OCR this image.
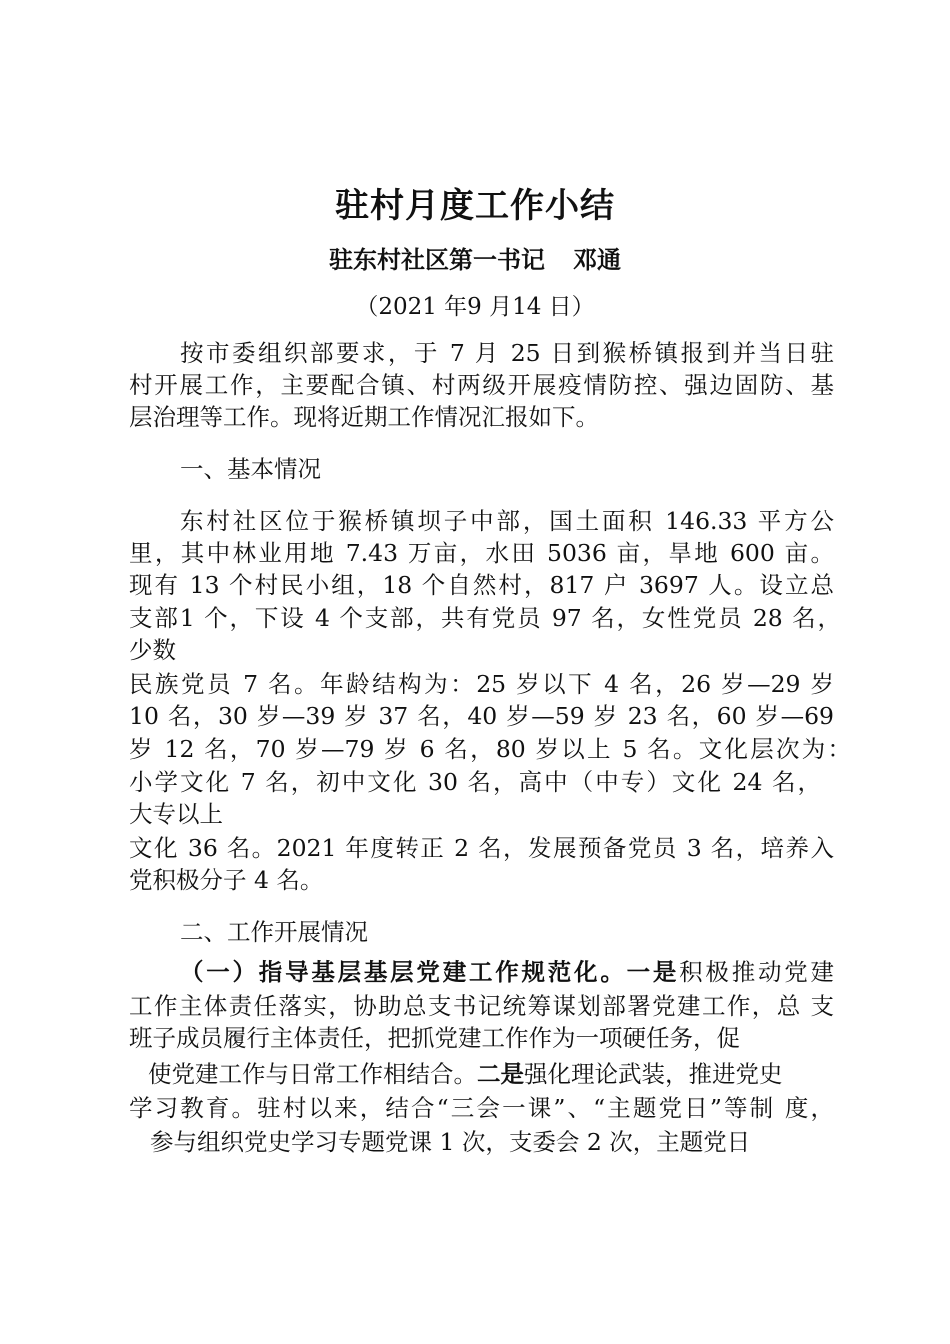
驻村月度工作小结
驻东村社区第一书记 邓通
（2021 年9 月14 日）
按市委组织部要求，于 7 月 25 日到猴桥镇报到并当日驻
村开展工作，主要配合镇、村两级开展疫情防控、强边固防、基
层治理等工作。现将近期工作情况汇报如下。
一、基本情况
东村社区位于猴桥镇坝子中部，国土面积 146.33 平方公
里，其中林业用地 7.43 万亩，水田 5036 亩，旱地 600 亩。
现有 13 个村民小组，18 个自然村，817 户 3697 人。设立总
支部1 个，下设 4 个支部，共有党员 97 名，女性党员 28 名，
少数
民族党员 7 名。年龄结构为：25 岁以下 4 名，26 岁—29 岁
10 名，30 岁—39 岁 37 名，40 岁—59 岁 23 名，60 岁—69
岁 12 名，70 岁—79 岁 6 名，80 岁以上 5 名。文化层次为：
小学文化 7 名，初中文化 30 名，高中（中专）文化 24 名，
大专以上
文化 36 名。2021 年度转正 2 名，发展预备党员 3 名，培养入
党积极分子 4 名。
二、工作开展情况
（一）指导基层基层党建工作规范化。一是积极推动党建
工作主体责任落实，协助总支书记统筹谋划部署党建工作，总 支
班子成员履行主体责任，把抓党建工作作为一项硬任务，促
使党建工作与日常工作相结合。二是强化理论武装，推进党史
学习教育。驻村以来，结合“三会一课”、“主题党日”等制 度，
参与组织党史学习专题党课 1 次，支委会 2 次，主题党日
